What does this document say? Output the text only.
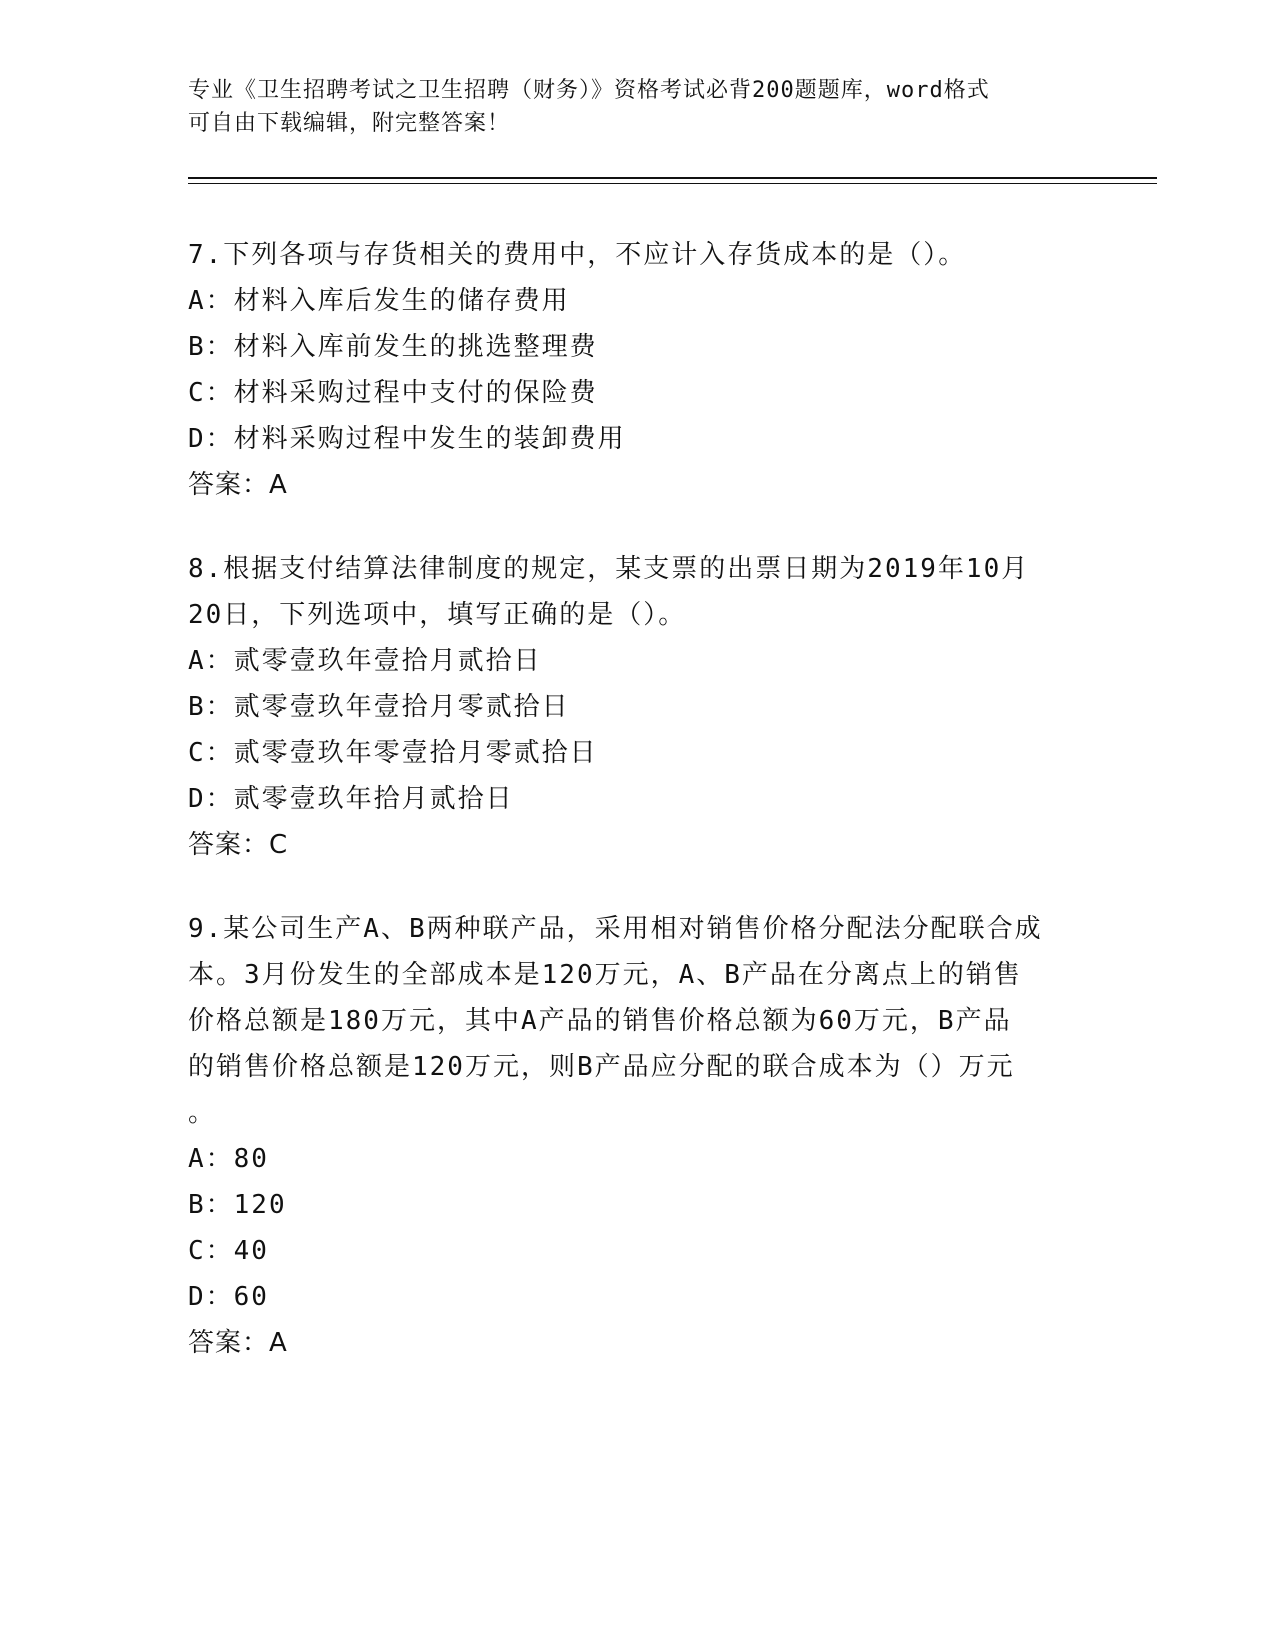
专业《卫生招聘考试之卫生招聘（财务）》资格考试必背200题题库，word格式
可自由下载编辑，附完整答案！
7.下列各项与存货相关的费用中，不应计入存货成本的是（）。
A：材料入库后发生的储存费用
B：材料入库前发生的挑选整理费
C：材料采购过程中支付的保险费
D：材料采购过程中发生的装卸费用
答案：A
8.根据支付结算法律制度的规定，某支票的出票日期为2019年10月
20日，下列选项中，填写正确的是（）。
A：贰零壹玖年壹拾月贰拾日
B：贰零壹玖年壹拾月零贰拾日
C：贰零壹玖年零壹拾月零贰拾日
D：贰零壹玖年拾月贰拾日
答案：C
9.某公司生产A、B两种联产品，采用相对销售价格分配法分配联合成
本。3月份发生的全部成本是120万元，A、B产品在分离点上的销售
价格总额是180万元，其中A产品的销售价格总额为60万元，B产品
的销售价格总额是120万元，则B产品应分配的联合成本为（）万元
。
A：80
B：120
C：40
D：60
答案：A
